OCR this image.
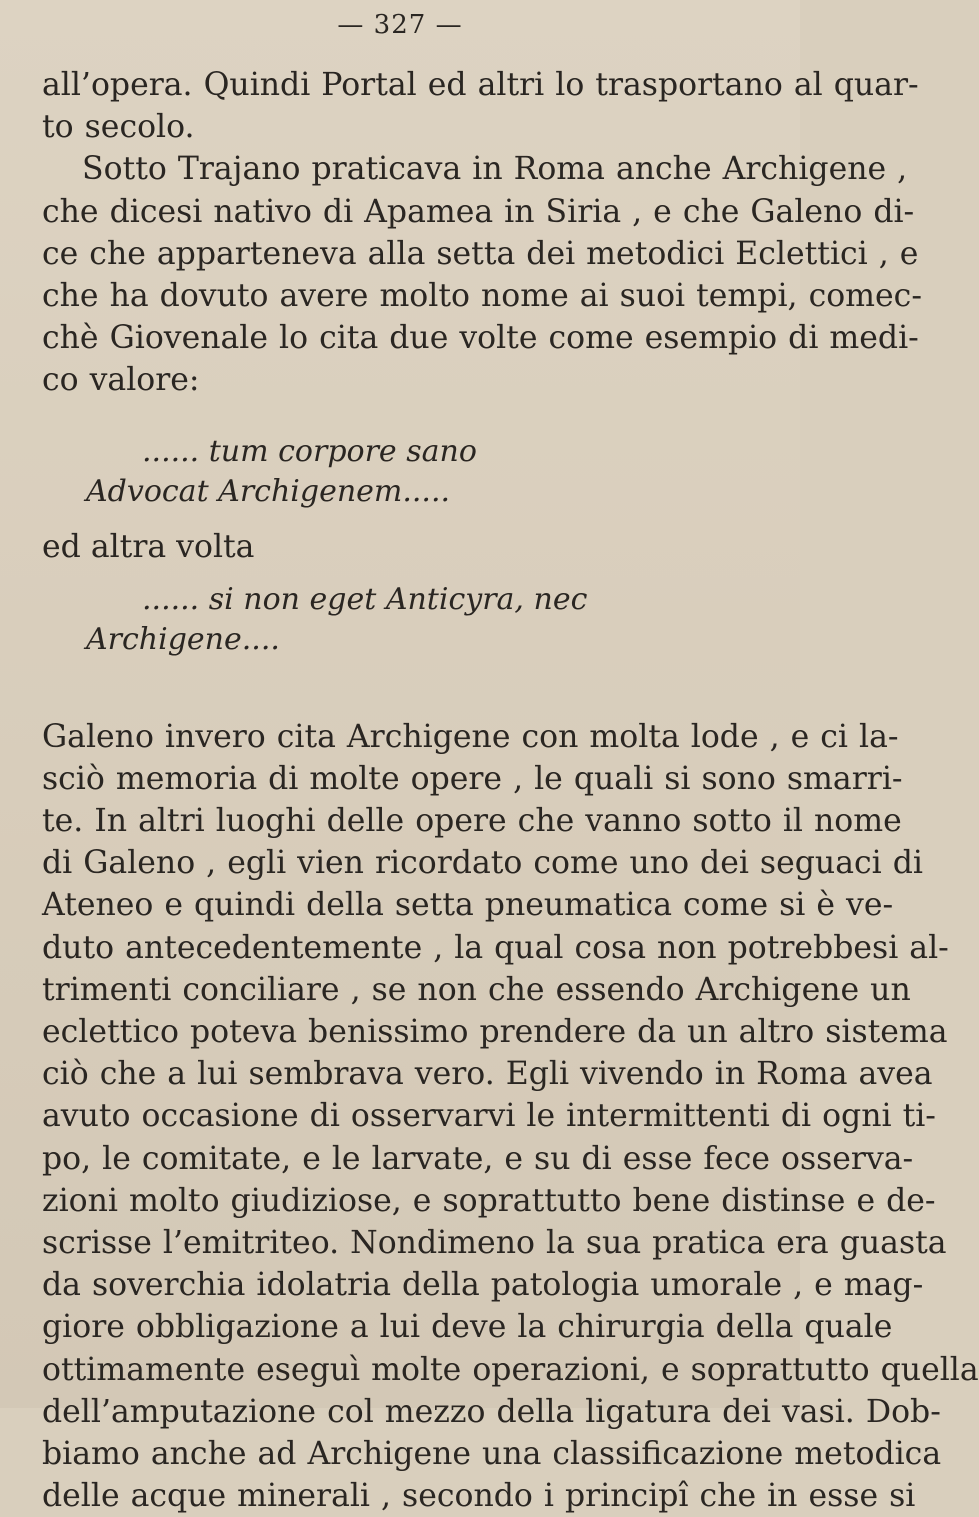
— 327 —
all’opera. Quindi Portal ed altri lo trasportano al quar-
to secolo.
Sotto Trajano praticava in Roma anche Archigene ,
che dicesi nativo di Apamea in Siria , e che Galeno di-
ce che apparteneva alla setta dei metodici Eclettici , e
che ha dovuto avere molto nome ai suoi tempi, comec-
chè Giovenale lo cita due volte come esempio di medi-
co valore:
...... tum corpore sano
Advocat Archigenem.....
ed altra volta
...... si non eget Anticyra, nec
Archigene....
Galeno invero cita Archigene con molta lode , e ci la-
sciò memoria di molte opere , le quali si sono smarri-
te. In altri luoghi delle opere che vanno sotto il nome
di Galeno , egli vien ricordato come uno dei seguaci di
Ateneo e quindi della setta pneumatica come si è ve-
duto antecedentemente , la qual cosa non potrebbesi al-
trimenti conciliare , se non che essendo Archigene un
eclettico poteva benissimo prendere da un altro sistema
ciò che a lui sembrava vero. Egli vivendo in Roma avea
avuto occasione di osservarvi le intermittenti di ogni ti-
po, le comitate, e le larvate, e su di esse fece osserva-
zioni molto giudiziose, e soprattutto bene distinse e de-
scrisse l’emitriteo. Nondimeno la sua pratica era guasta
da soverchia idolatria della patologia umorale , e mag-
giore obbligazione a lui deve la chirurgia della quale
ottimamente eseguì molte operazioni, e soprattutto quella
dell’amputazione col mezzo della ligatura dei vasi. Dob-
biamo anche ad Archigene una classificazione metodica
delle acque minerali , secondo i principî che in esse si
